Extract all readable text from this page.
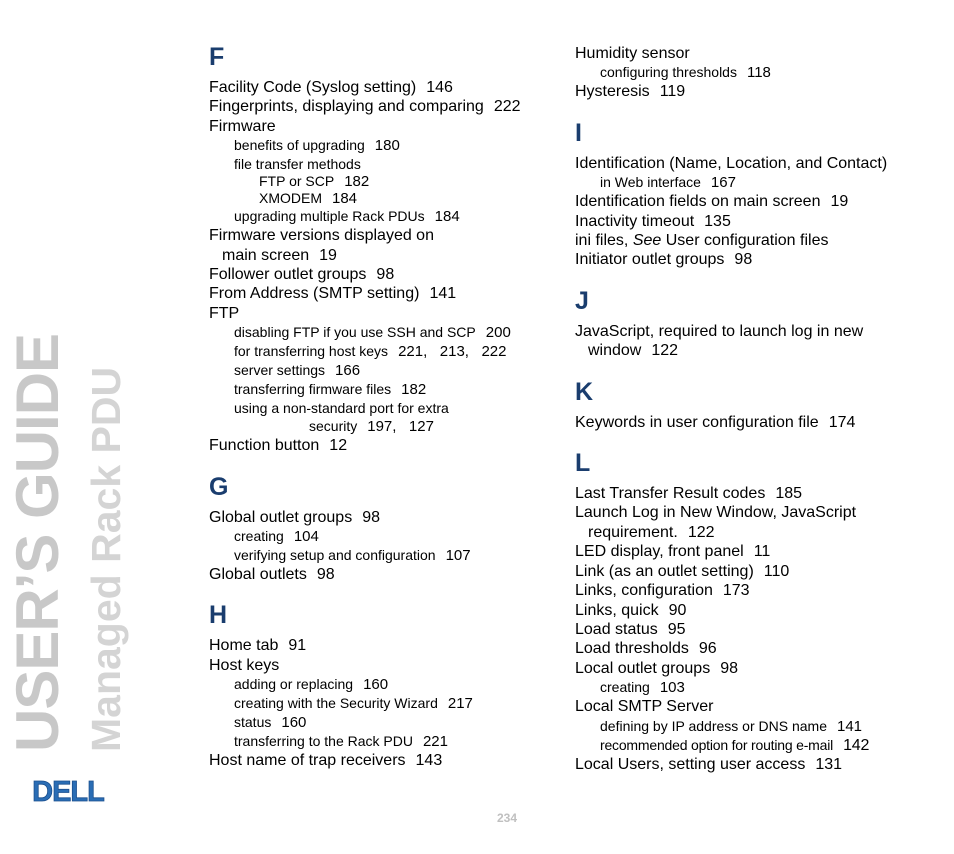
USER’S GUIDE Managed Rack PDU
DELL
F
Facility Code (Syslog setting) 146
Fingerprints, displaying and comparing 222
Firmware
benefits of upgrading 180
file transfer methods
FTP or SCP 182
XMODEM 184
upgrading multiple Rack PDUs 184
Firmware versions displayed on
main screen 19
Follower outlet groups 98
From Address (SMTP setting) 141
FTP
disabling FTP if you use SSH and SCP 200
for transferring host keys 221,   213,   222
server settings 166
transferring firmware files 182
using a non-standard port for extra
security 197,   127
Function button 12
G
Global outlet groups 98
creating 104
verifying setup and configuration 107
Global outlets 98
H
Home tab 91
Host keys
adding or replacing 160
creating with the Security Wizard 217
status 160
transferring to the Rack PDU 221
Host name of trap receivers 143
Humidity sensor
configuring thresholds 118
Hysteresis 119
I
Identification (Name, Location, and Contact)
in Web interface 167
Identification fields on main screen 19
Inactivity timeout 135
ini files, See User configuration files
Initiator outlet groups 98
J
JavaScript, required to launch log in new
window 122
K
Keywords in user configuration file 174
L
Last Transfer Result codes 185
Launch Log in New Window, JavaScript
requirement. 122
LED display, front panel 11
Link (as an outlet setting) 110
Links, configuration 173
Links, quick 90
Load status 95
Load thresholds 96
Local outlet groups 98
creating 103
Local SMTP Server
defining by IP address or DNS name 141
recommended option for routing e-mail 142
Local Users, setting user access 131
234
